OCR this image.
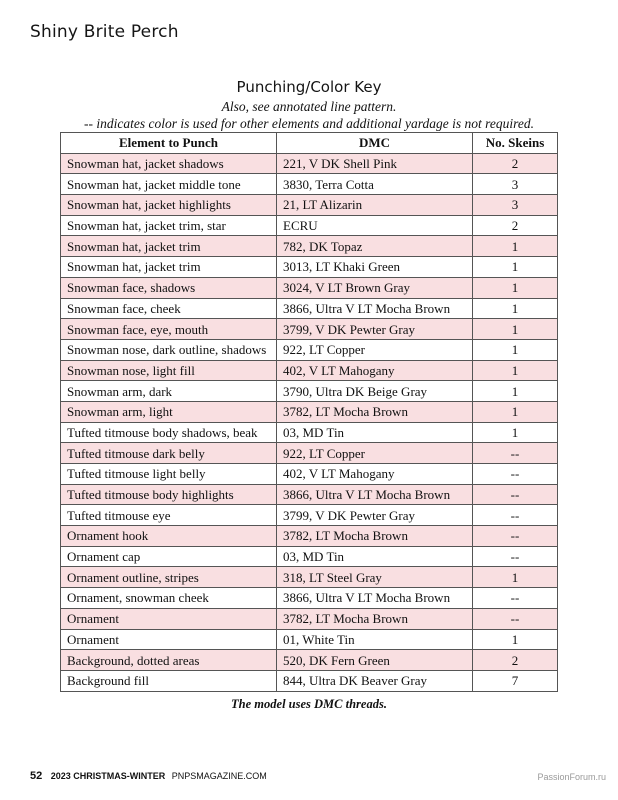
Shiny Brite Perch
Punching/Color Key
Also, see annotated line pattern.
-- indicates color is used for other elements and additional yardage is not required.
Element to Punch	DMC	No. Skeins
Snowman hat, jacket shadows	221, V DK Shell Pink	2
Snowman hat, jacket middle tone	3830, Terra Cotta	3
Snowman hat, jacket highlights	21, LT Alizarin	3
Snowman hat, jacket trim, star	ECRU	2
Snowman hat, jacket trim	782, DK Topaz	1
Snowman hat, jacket trim	3013, LT Khaki Green	1
Snowman face, shadows	3024, V LT Brown Gray	1
Snowman face, cheek	3866, Ultra V LT Mocha Brown	1
Snowman face, eye, mouth	3799, V DK Pewter Gray	1
Snowman nose, dark outline, shadows	922, LT Copper	1
Snowman nose, light fill	402, V LT Mahogany	1
Snowman arm, dark	3790, Ultra DK Beige Gray	1
Snowman arm, light	3782, LT Mocha Brown	1
Tufted titmouse body shadows, beak	03, MD Tin	1
Tufted titmouse dark belly	922, LT Copper	--
Tufted titmouse light belly	402, V LT Mahogany	--
Tufted titmouse body highlights	3866, Ultra V LT Mocha Brown	--
Tufted titmouse eye	3799, V DK Pewter Gray	--
Ornament hook	3782, LT Mocha Brown	--
Ornament cap	03, MD Tin	--
Ornament outline, stripes	318, LT Steel Gray	1
Ornament, snowman cheek	3866, Ultra V LT Mocha Brown	--
Ornament	3782, LT Mocha Brown	--
Ornament	01, White Tin	1
Background, dotted areas	520, DK Fern Green	2
Background fill	844, Ultra DK Beaver Gray	7
The model uses DMC threads.
52 2023 CHRISTMAS-WINTER PNPSMAGAZINE.COM	PassionForum.ru
